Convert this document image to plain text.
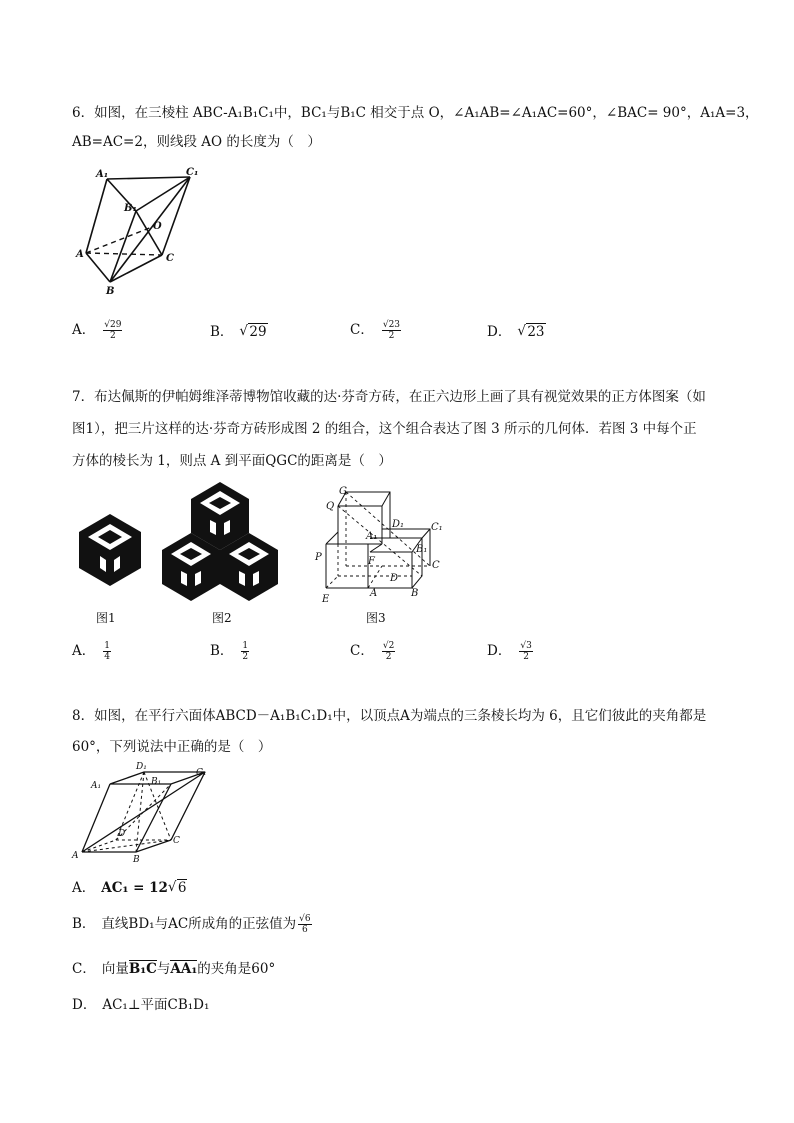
6．如图，在三棱柱 ABC-A₁B₁C₁中，BC₁与B₁C 相交于点 O，∠A₁AB=∠A₁AC=60°，∠BAC= 90°，A₁A=3，
AB=AC=2，则线段 AO 的长度为（　）
A₁	C₁
B₁
O
A	C
B
A． $\frac{√29}{2}$	B． √ 29	C． $\frac{√23}{2}$	D． √ 23
7．布达佩斯的伊帕姆维泽蒂博物馆收藏的达·芬奇方砖，在正六边形上画了具有视觉效果的正方体图案（如
图1），把三片这样的达·芬奇方砖形成图 2 的组合，这个组合表达了图 3 所示的几何体．若图 3 中每个正
方体的棱长为 1，则点 A 到平面QGC的距离是（　）
图1	图2
G
Q
D₁	C₁
A₁
B₁
P	F	C
D
E
A	B
图3
A． $\frac{1}{4}$	B． $\frac{1}{2}$	C． $\frac{√2}{2}$	D． $\frac{√3}{2}$
8．如图，在平行六面体ABCD－A₁B₁C₁D₁中，以顶点A为端点的三条棱长均为 6，且它们彼此的夹角都是
60°，下列说法中正确的是（　）
D₁
C₁
A₁	B₁
D
C
A	B
A． AC₁ = 12 √ 6
B． 直线BD₁与AC所成角的正弦值为 $\frac{√6}{6}$
C． 向量B₁C与AA₁的夹角是60°
D． AC₁⊥平面CB₁D₁
